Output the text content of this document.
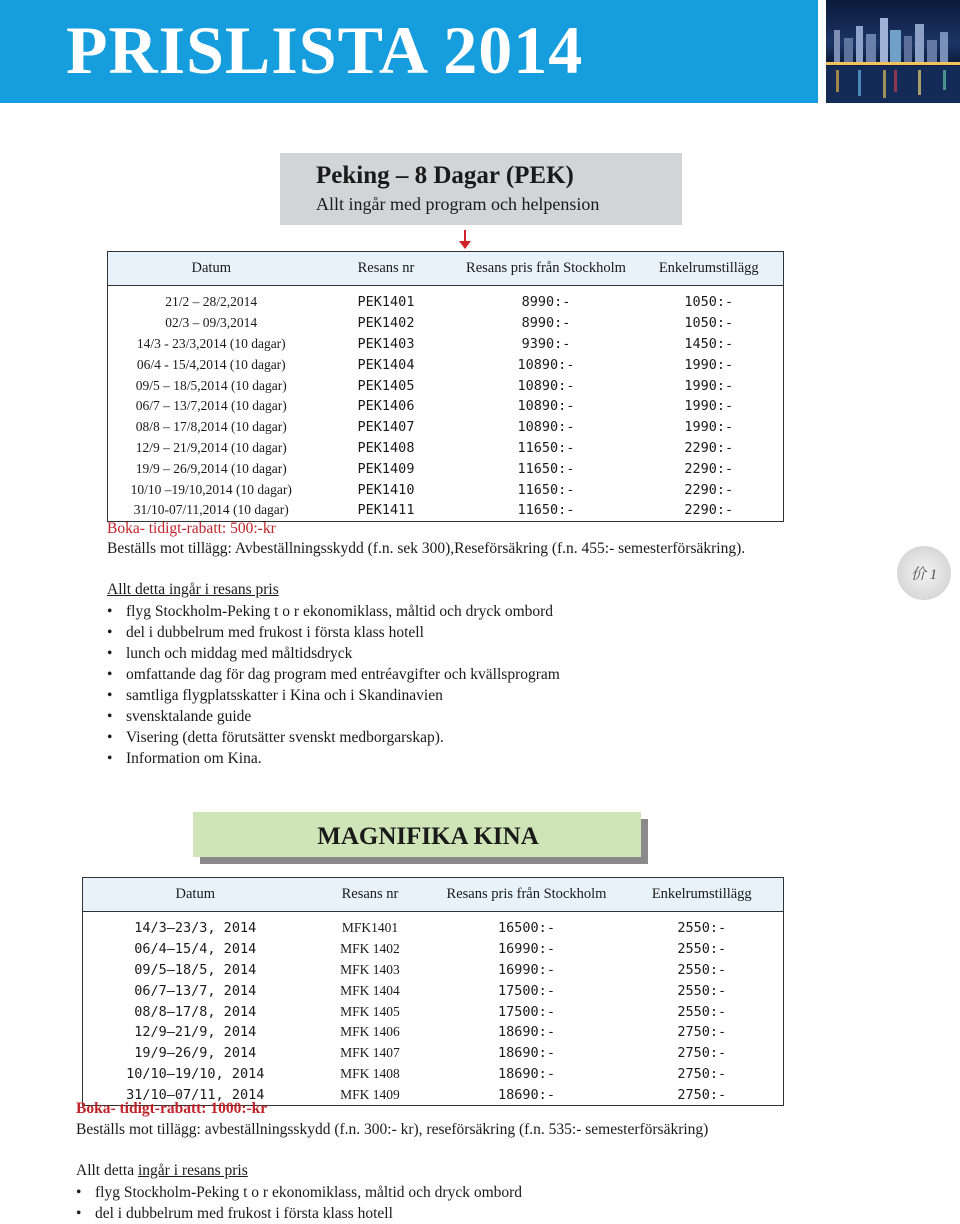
PRISLISTA 2014
Peking – 8 Dagar (PEK)
Allt ingår med program och helpension
Datum	Resans nr	Resans pris från Stockholm	Enkelrumstillägg
21/2 – 28/2,2014	PEK1401	8990:-	1050:-
02/3 – 09/3,2014	PEK1402	8990:-	1050:-
14/3 - 23/3,2014 (10 dagar)	PEK1403	9390:-	1450:-
06/4 - 15/4,2014 (10 dagar)	PEK1404	10890:-	1990:-
09/5 – 18/5,2014 (10 dagar)	PEK1405	10890:-	1990:-
06/7 – 13/7,2014 (10 dagar)	PEK1406	10890:-	1990:-
08/8 – 17/8,2014 (10 dagar)	PEK1407	10890:-	1990:-
12/9 – 21/9,2014 (10 dagar)	PEK1408	11650:-	2290:-
19/9 – 26/9,2014 (10 dagar)	PEK1409	11650:-	2290:-
10/10 –19/10,2014 (10 dagar)	PEK1410	11650:-	2290:-
31/10-07/11,2014 (10 dagar)	PEK1411	11650:-	2290:-
Boka- tidigt-rabatt: 500:-kr
Beställs mot tillägg: Avbeställningsskydd (f.n. sek 300),Reseförsäkring (f.n. 455:- semesterförsäkring).
Allt detta ingår i resans pris
• flyg Stockholm-Peking t o r ekonomiklass, måltid och dryck ombord
• del i dubbelrum med frukost i första klass hotell
• lunch och middag med måltidsdryck
• omfattande dag för dag program med entréavgifter och kvällsprogram
• samtliga flygplatsskatter i Kina och i Skandinavien
• svensktalande guide
• Visering (detta förutsätter svenskt medborgarskap).
• Information om Kina.
价 1
MAGNIFIKA KINA
Datum	Resans nr	Resans pris från Stockholm	Enkelrumstillägg
14/3–23/3, 2014	MFK1401	16500:-	2550:-
06/4–15/4, 2014	MFK 1402	16990:-	2550:-
09/5–18/5, 2014	MFK 1403	16990:-	2550:-
06/7–13/7, 2014	MFK 1404	17500:-	2550:-
08/8–17/8, 2014	MFK 1405	17500:-	2550:-
12/9–21/9, 2014	MFK 1406	18690:-	2750:-
19/9–26/9, 2014	MFK 1407	18690:-	2750:-
10/10–19/10, 2014	MFK 1408	18690:-	2750:-
31/10–07/11, 2014	MFK 1409	18690:-	2750:-
Boka- tidigt-rabatt: 1000:-kr
Beställs mot tillägg: avbeställningsskydd (f.n. 300:- kr), reseförsäkring (f.n. 535:- semesterförsäkring)
Allt detta ingår i resans pris
• flyg Stockholm-Peking t o r ekonomiklass, måltid och dryck ombord
• del i dubbelrum med frukost i första klass hotell
